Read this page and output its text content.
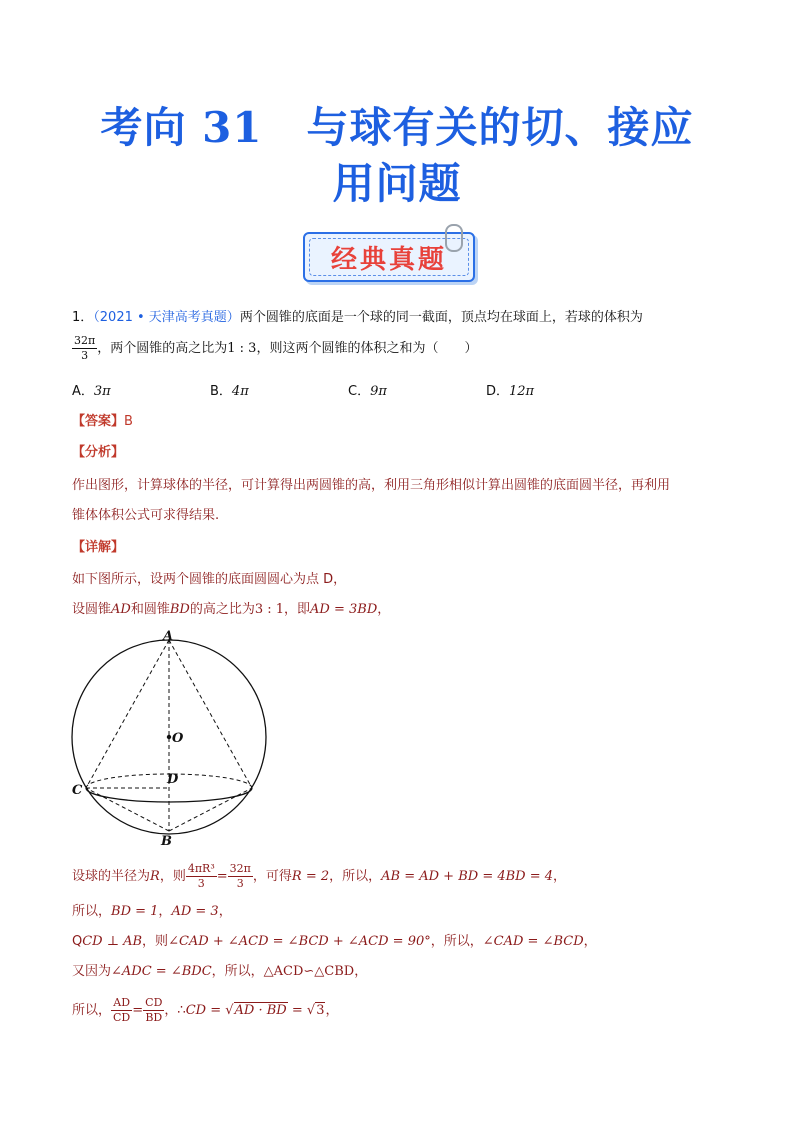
考向 31 与球有关的切、接应
用问题
经典真题
1．（2021 • 天津高考真题）两个圆锥的底面是一个球的同一截面，顶点均在球面上，若球的体积为
$\frac{32\pi}{3}$ ，两个圆锥的高之比为1 : 3，则这两个圆锥的体积之和为（　　）
A．3π	B．4π	C．9π	D．12π
【答案】B
【分析】
作出图形，计算球体的半径，可计算得出两圆锥的高，利用三角形相似计算出圆锥的底面圆半径，再利用
锥体体积公式可求得结果.
【详解】
如下图所示，设两个圆锥的底面圆圆心为点 D，
设圆锥AD和圆锥BD的高之比为3 : 1，即AD = 3BD，
A
O
D
C
B
设球的半径为R，则 $\frac{\text{4πR³}}{3} = \frac{32\pi}{3}$ ，可得R = 2，所以，AB = AD + BD = 4BD = 4，
所以，BD = 1，AD = 3，
QCD ⊥ AB，则∠CAD + ∠ACD = ∠BCD + ∠ACD = 90°，所以，∠CAD = ∠BCD，
又因为∠ADC = ∠BDC，所以，△ACD∽△CBD，
所以， $\frac{AD}{CD} = \frac{CD}{BD}$ ，∴CD = √AD · BD = √3，
